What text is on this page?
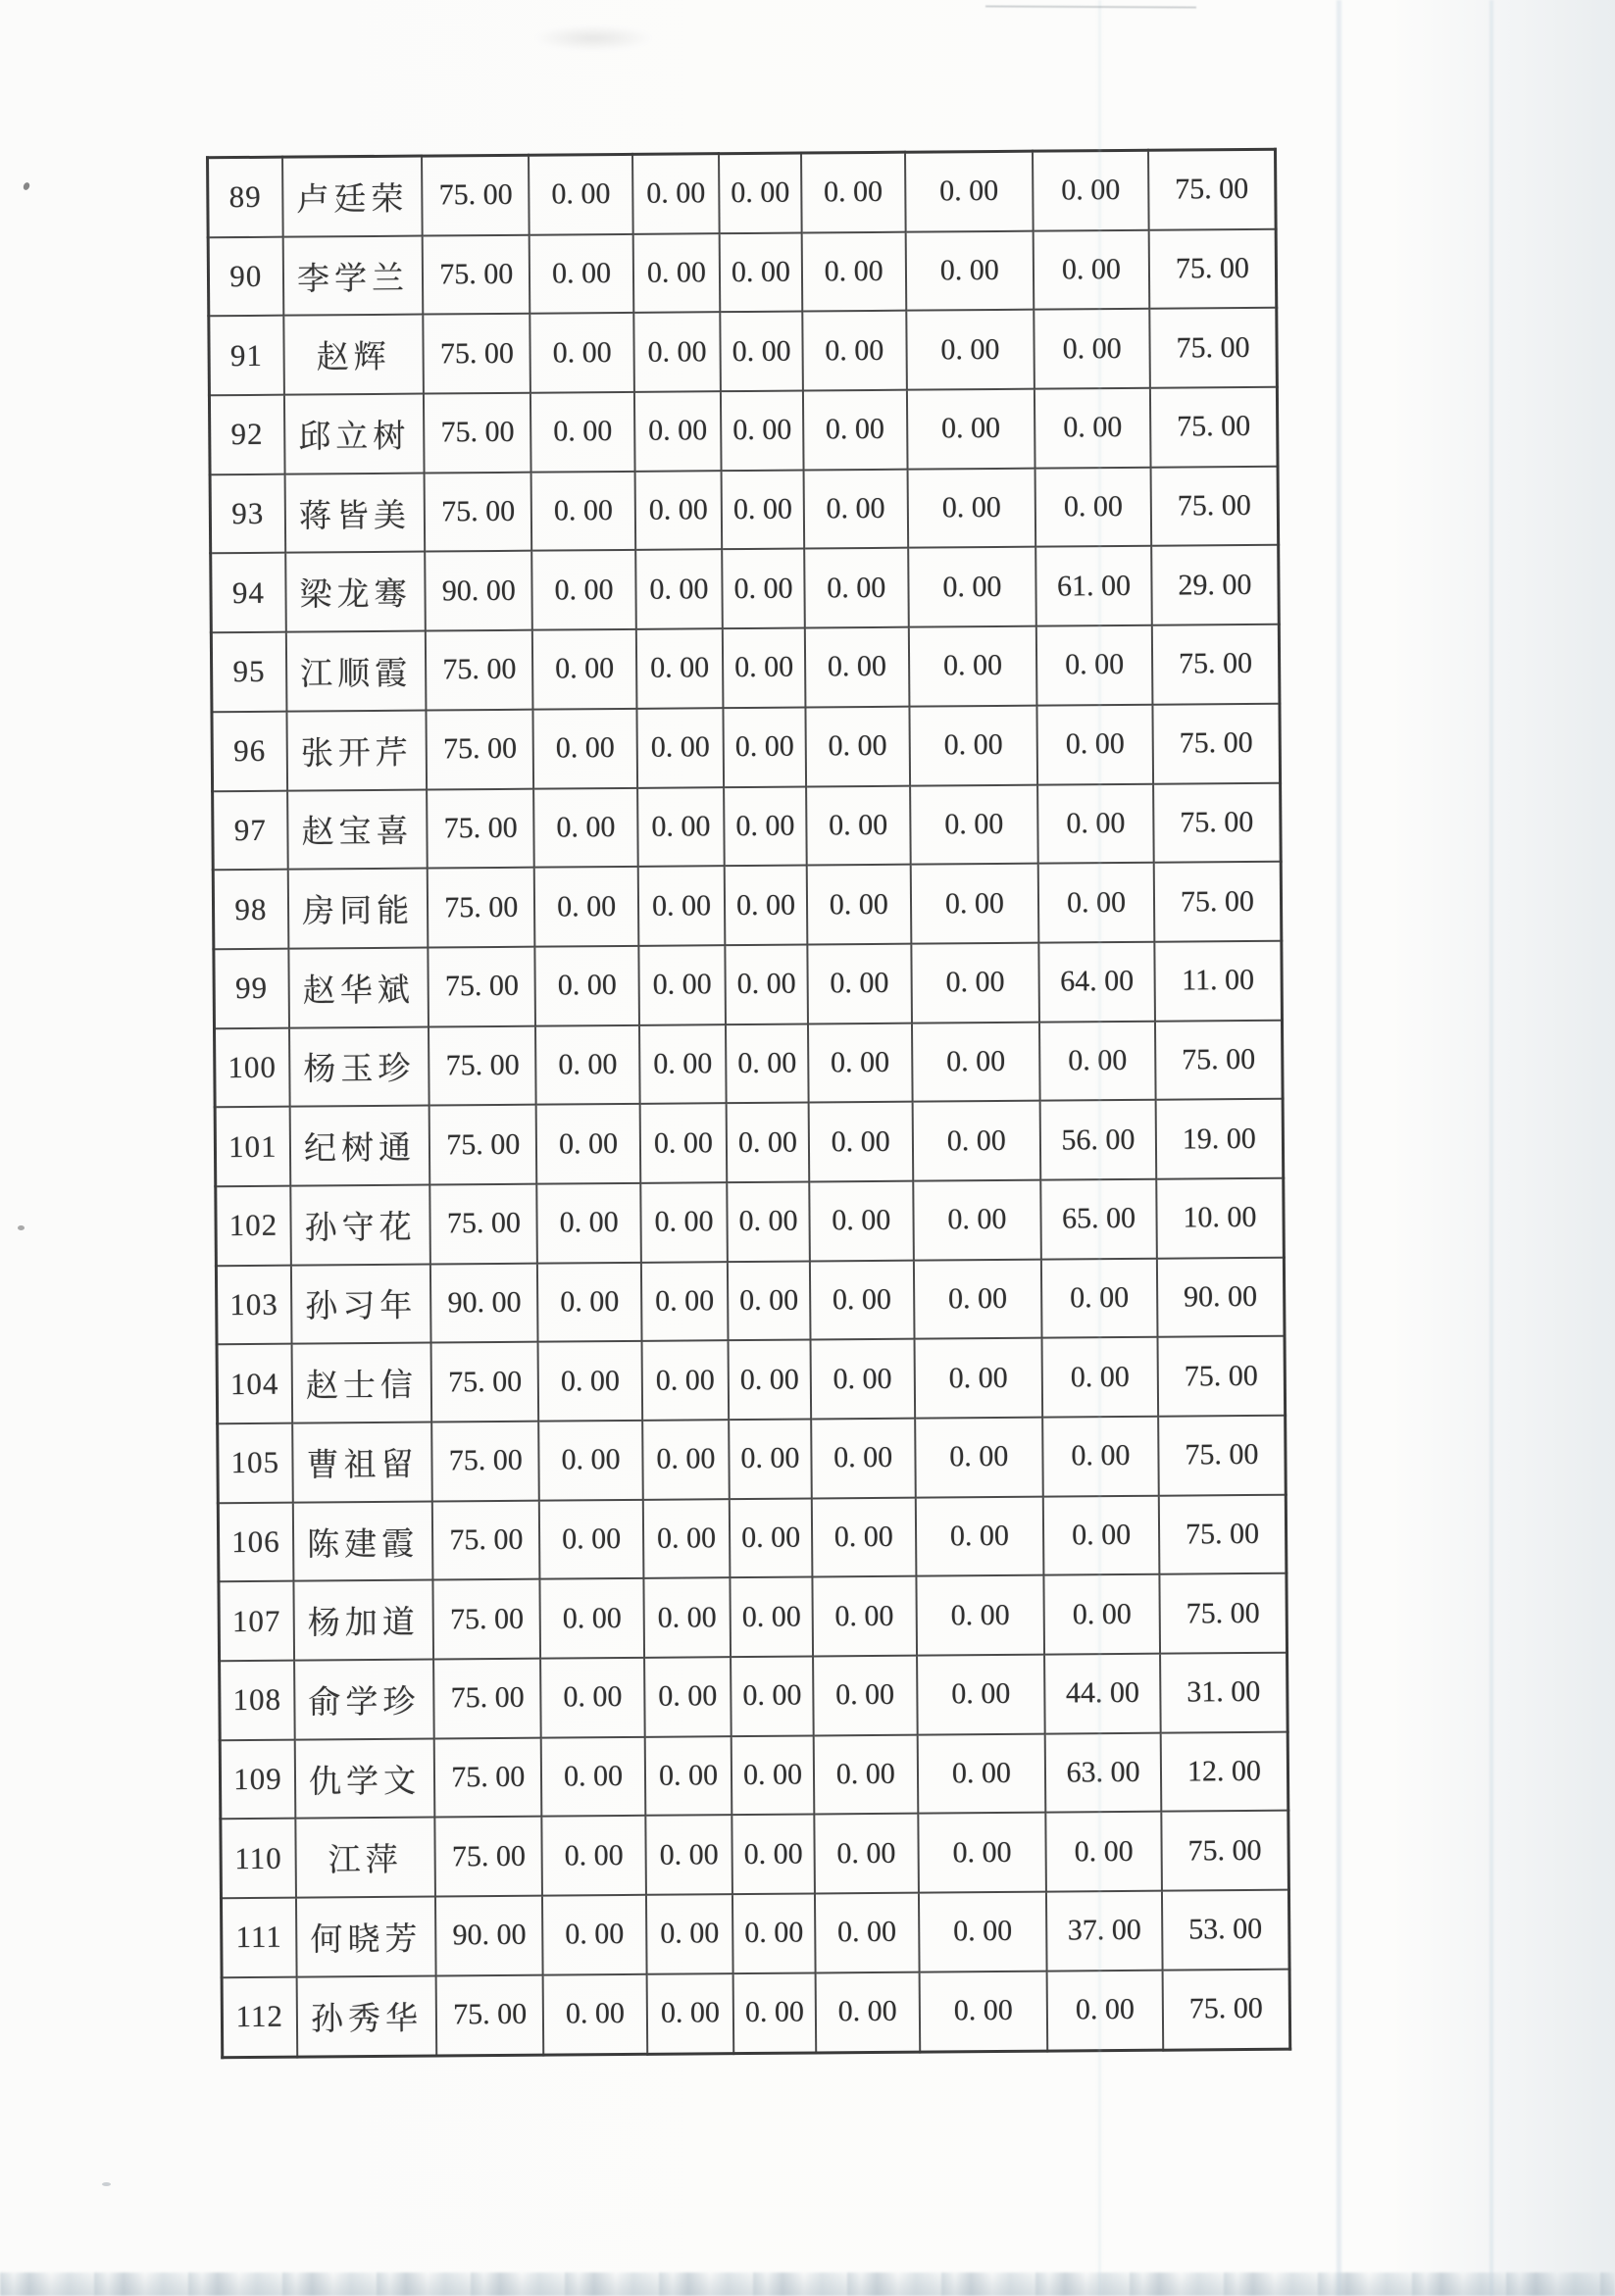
89	卢廷荣	75. 00	0. 00	0. 00	0. 00	0. 00	0. 00	0. 00	75. 00
90	李学兰	75. 00	0. 00	0. 00	0. 00	0. 00	0. 00	0. 00	75. 00
91	赵辉	75. 00	0. 00	0. 00	0. 00	0. 00	0. 00	0. 00	75. 00
92	邱立树	75. 00	0. 00	0. 00	0. 00	0. 00	0. 00	0. 00	75. 00
93	蒋皆美	75. 00	0. 00	0. 00	0. 00	0. 00	0. 00	0. 00	75. 00
94	梁龙骞	90. 00	0. 00	0. 00	0. 00	0. 00	0. 00	61. 00	29. 00
95	江顺霞	75. 00	0. 00	0. 00	0. 00	0. 00	0. 00	0. 00	75. 00
96	张开芹	75. 00	0. 00	0. 00	0. 00	0. 00	0. 00	0. 00	75. 00
97	赵宝喜	75. 00	0. 00	0. 00	0. 00	0. 00	0. 00	0. 00	75. 00
98	房同能	75. 00	0. 00	0. 00	0. 00	0. 00	0. 00	0. 00	75. 00
99	赵华斌	75. 00	0. 00	0. 00	0. 00	0. 00	0. 00	64. 00	11. 00
100	杨玉珍	75. 00	0. 00	0. 00	0. 00	0. 00	0. 00	0. 00	75. 00
101	纪树通	75. 00	0. 00	0. 00	0. 00	0. 00	0. 00	56. 00	19. 00
102	孙守花	75. 00	0. 00	0. 00	0. 00	0. 00	0. 00	65. 00	10. 00
103	孙习年	90. 00	0. 00	0. 00	0. 00	0. 00	0. 00	0. 00	90. 00
104	赵士信	75. 00	0. 00	0. 00	0. 00	0. 00	0. 00	0. 00	75. 00
105	曹祖留	75. 00	0. 00	0. 00	0. 00	0. 00	0. 00	0. 00	75. 00
106	陈建霞	75. 00	0. 00	0. 00	0. 00	0. 00	0. 00	0. 00	75. 00
107	杨加道	75. 00	0. 00	0. 00	0. 00	0. 00	0. 00	0. 00	75. 00
108	俞学珍	75. 00	0. 00	0. 00	0. 00	0. 00	0. 00	44. 00	31. 00
109	仇学文	75. 00	0. 00	0. 00	0. 00	0. 00	0. 00	63. 00	12. 00
110	江萍	75. 00	0. 00	0. 00	0. 00	0. 00	0. 00	0. 00	75. 00
111	何晓芳	90. 00	0. 00	0. 00	0. 00	0. 00	0. 00	37. 00	53. 00
112	孙秀华	75. 00	0. 00	0. 00	0. 00	0. 00	0. 00	0. 00	75. 00
